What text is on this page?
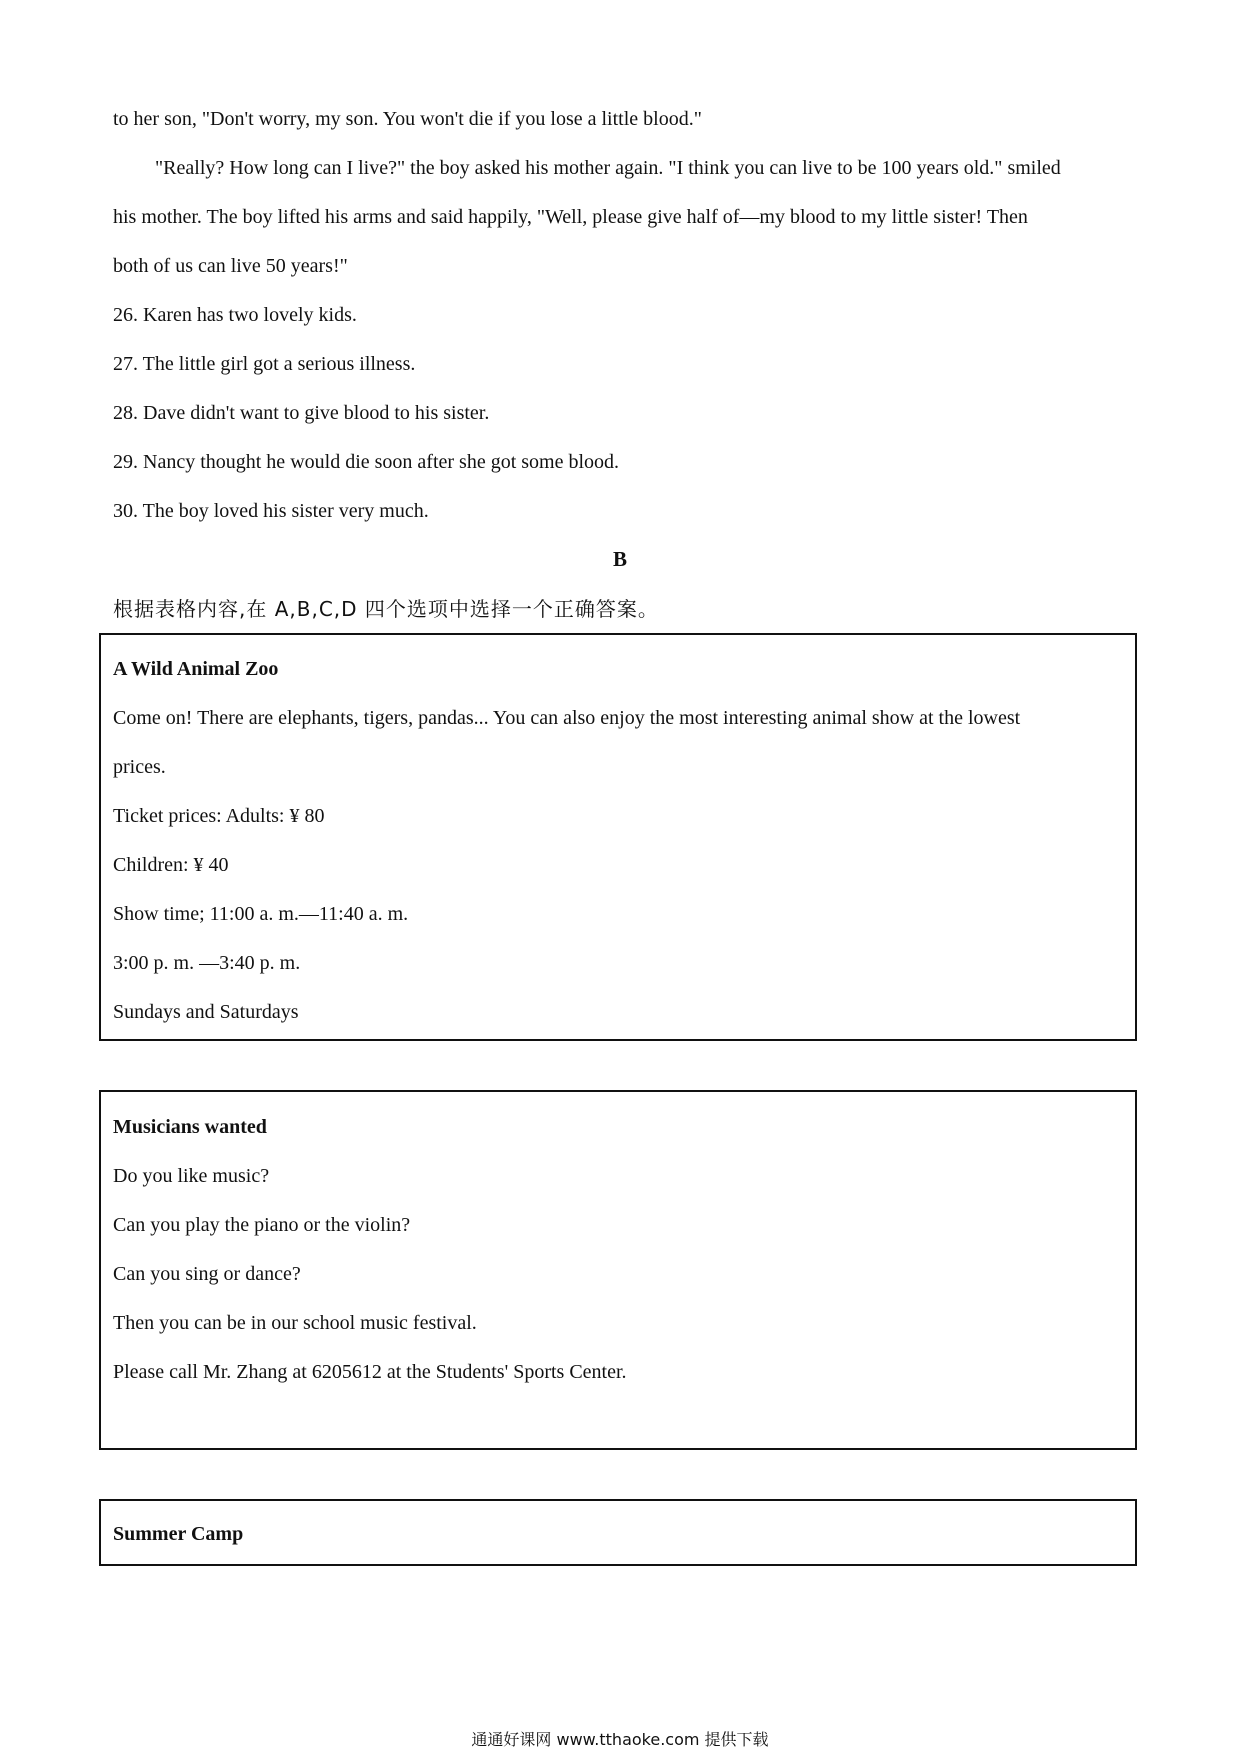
to her son, "Don't worry, my son. You won't die if you lose a little blood."
"Really? How long can I live?" the boy asked his mother again. "I think you can live to be 100 years old." smiled
his mother. The boy lifted his arms and said happily, "Well, please give half of—my blood to my little sister! Then
both of us can live 50 years!"
26. Karen has two lovely kids.
27. The little girl got a serious illness.
28. Dave didn't want to give blood to his sister.
29. Nancy thought he would die soon after she got some blood.
30. The boy loved his sister very much.
B
根据表格内容,在 A,B,C,D 四个选项中选择一个正确答案。
A Wild Animal Zoo
Come on! There are elephants, tigers, pandas... You can also enjoy the most interesting animal show at the lowest
prices.
Ticket prices: Adults: ¥ 80
Children: ¥ 40
Show time; 11:00 a. m.—11:40 a. m.
3:00 p. m. —3:40 p. m.
Sundays and Saturdays
Musicians wanted
Do you like music?
Can you play the piano or the violin?
Can you sing or dance?
Then you can be in our school music festival.
Please call Mr. Zhang at 6205612 at the Students' Sports Center.
Summer Camp
通通好课网 www.tthaoke.com 提供下载
